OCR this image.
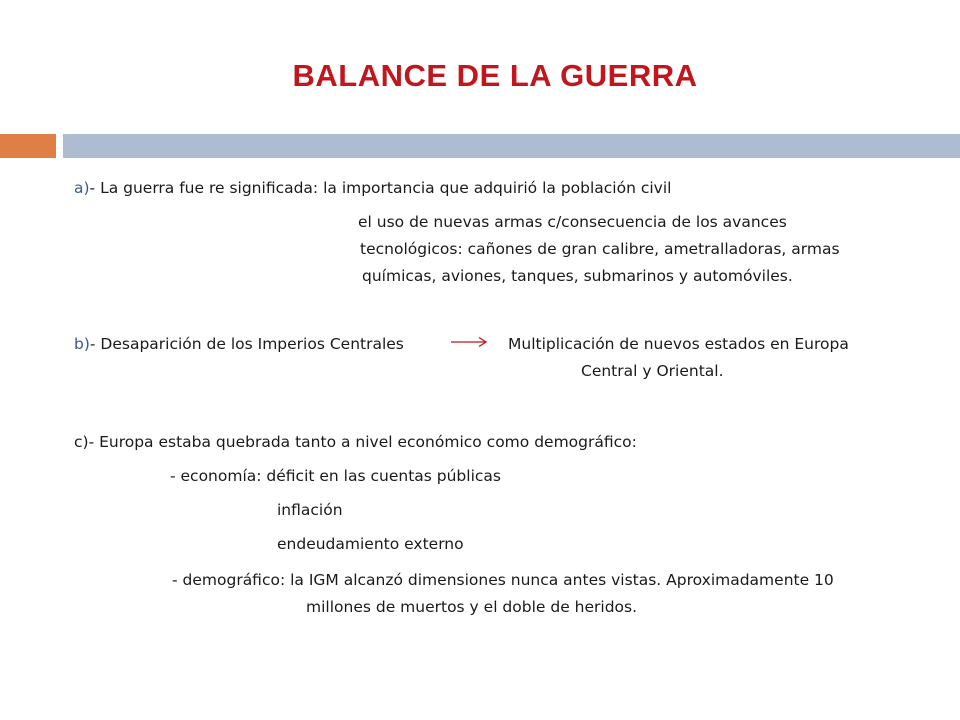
BALANCE DE LA GUERRA
a)- La guerra fue re significada: la importancia que adquirió la población civil
el uso de nuevas armas c/consecuencia de los avances
tecnológicos: cañones de gran calibre, ametralladoras, armas
químicas, aviones, tanques, submarinos y automóviles.
b)- Desaparición de los Imperios Centrales	Multiplicación de nuevos estados en Europa
Central y Oriental.
c)- Europa estaba quebrada tanto a nivel económico como demográfico:
- economía: déficit en las cuentas públicas
inflación
endeudamiento externo
- demográfico: la IGM alcanzó dimensiones nunca antes vistas. Aproximadamente 10
millones de muertos y el doble de heridos.
